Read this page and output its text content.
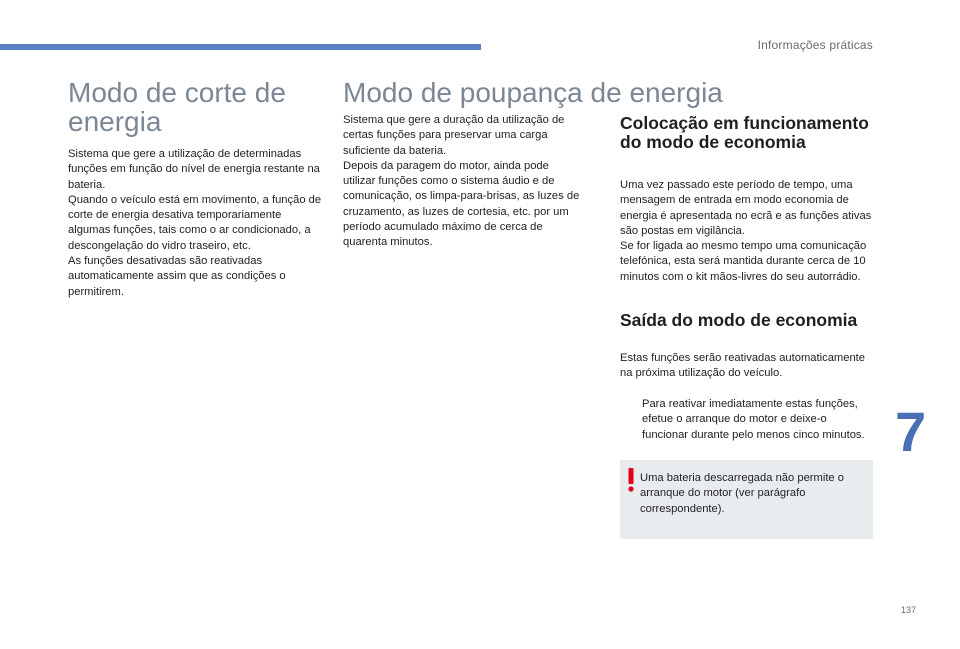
Informações práticas
Modo de corte de energia

Sistema que gere a utilização de determinadas funções em função do nível de energia restante na bateria.
Quando o veículo está em movimento, a função de corte de energia desativa temporariamente algumas funções, tais como o ar condicionado, a descongelação do vidro traseiro, etc.
As funções desativadas são reativadas automaticamente assim que as condições o permitirem.

Modo de poupança de energia

Sistema que gere a duração da utilização de certas funções para preservar uma carga suficiente da bateria.
Depois da paragem do motor, ainda pode utilizar funções como o sistema áudio e de comunicação, os limpa-para-brisas, as luzes de cruzamento, as luzes de cortesia, etc. por um período acumulado máximo de cerca de quarenta minutos.

Colocação em funcionamento do modo de economia

Uma vez passado este período de tempo, uma mensagem de entrada em modo economia de energia é apresentada no ecrã e as funções ativas são postas em vigilância.
Se for ligada ao mesmo tempo uma comunicação telefónica, esta será mantida durante cerca de 10 minutos com o kit mãos-livres do seu autorrádio.

Saída do modo de economia

Estas funções serão reativadas automaticamente na próxima utilização do veículo.

Para reativar imediatamente estas funções, efetue o arranque do motor e deixe-o funcionar durante pelo menos cinco minutos.

Uma bateria descarregada não permite o arranque do motor (ver parágrafo correspondente).

7
137
